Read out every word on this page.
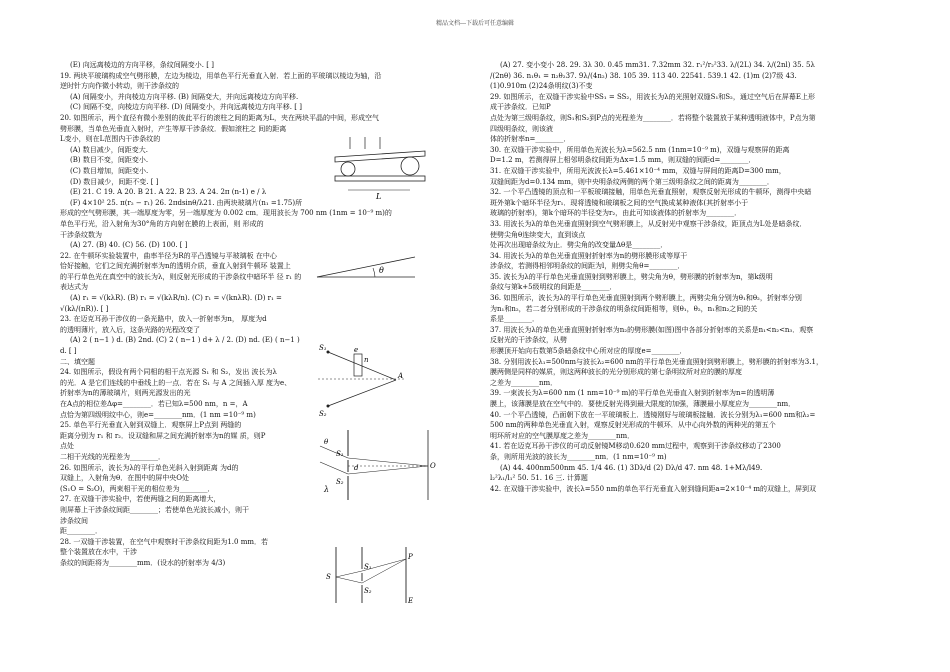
精品文档---下载后可任意编辑

(E) 向远离棱边的方向平移，条纹间隔变小. [ ]

19. 两块平玻璃构成空气劈形膜，左边为棱边，用单色平行光垂直入射．若上面的平玻璃以棱边为轴，沿

逆时针方向作微小转动，则干涉条纹的

(A) 间隔变小，并向棱边方向平移. (B) 间隔变大，并向远离棱边方向平移.

(C) 间隔不变，向棱边方向平移. (D) 间隔变小，并向远离棱边方向平移. [ ]

20. 如图所示，两个直径有微小差别的彼此平行的滚柱之间的距离为L，夹在两块平晶的中间，形成空气

劈形膜，当单色光垂直入射时，产生等厚干涉条纹．假如滚柱之 间的距离

L变小，则在L范围内干涉条纹的

(A) 数目减少，间距变大.

(B) 数目不变，间距变小.

(C) 数目增加，间距变小.

(D) 数目减少，间距不变. [ ]

(E) 21. C 19. A 20. B 21. A 22. B 23. A 24. 2π (n-1) e / λ

(F) 4×10² 25. π(r₂ − r₁) 26. 2πdsinθ/λ21. 由两块玻璃片(n₁ =1.75)所

形成的空气劈形膜，其一端厚度为零，另一端厚度为 0.002 cm．现用波长为 700 nm (1nm = 10⁻⁹ m)的

单色平行光，沿入射角为30°角的方向射在膜的上表面，则 形成的

干涉条纹数为

(A) 27. (B) 40. (C) 56. (D) 100. [ ]

22. 在牛顿环实验装置中，曲率半径为R的平凸透镜与平玻璃板 在中心

恰好接触，它们之间充满折射率为n的透明介质，垂直入射到牛顿环 装置上

的平行单色光在真空中的波长为λ，则反射光形成的干涉条纹中暗环半 径 r₁ 的

表达式为

(A) r₁ = √(kλR). (B) r₁ = √(kλR/n). (C) r₁ = √(knλR). (D) r₁ =

√(kλ/(nR)). [ ]

23. 在迈克耳孙干涉仪的一条光路中，放入一折射率为n， 厚度为d

的透明薄片，放入后，这条光路的光程改变了

(A) 2 ( n−1 ) d. (B) 2nd. (C) 2 ( n−1 ) d+ λ / 2. (D) nd. (E) ( n−1 )

d. [ ]

二、填空题

24. 如图所示，假设有两个同相的相干点光源 S₁ 和 S₂，发出 波长为λ

的光．A 是它们连线的中垂线上的一点．若在 S₁ 与 A 之间插入厚 度为e、

折射率为n的薄玻璃片，则两光源发出的光

在A点的相位差Δφ=________．若已知λ=500 nm，n =，A

点恰为第四级明纹中心，则e=________nm．(1 nm =10⁻⁹ m)

25. 单色平行光垂直入射到双缝上．观察屏上P点到 两缝的

距离分别为 r₁ 和 r₂．设双缝和屏之间充满折射率为n的媒 质，则P

点处

二相干光线的光程差为________．

26. 如图所示，波长为λ的平行单色光斜入射到距离 为d的

双缝上，入射角为θ．在图中的屏中央O处

(S₁O = S₂O)，两束相干光的相位差为________．

27. 在双缝干涉实验中，若使两缝之间的距离增大，

则屏幕上干涉条纹间距________；若使单色光波长减小，则干

涉条纹间

距________．

28. 一双缝干涉装置，在空气中观察时干涉条纹间距为1.0 mm．若

整个装置放在水中，干涉

条纹的间距将为________mm．(设水的折射率为 4/3)

(A) 27. 变小变小 28. 29. 3λ 30. 0.45 mm31. 7.32mm 32. r₁²/r₂²33. λ/(2L) 34. λ/(2nl) 35. 5λ

/(2nθ) 36. n₁θ₁ = n₂θ₂37. 9λ/(4n₂) 38. 105 39. 113 40. 22541. 539.1 42. (1)m (2)7级 43.

(1)0.910m (2)24条明纹(3)不变

29. 如图所示，在双缝干涉实验中SS₁ = SS₂，用波长为λ的光照射双缝S₁和S₂，通过空气后在屏幕E上形

成干涉条纹．已知P

点处为第三级明条纹，则S₁和S₂到P点的光程差为________．若将整个装置放于某种透明液体中，P点为第

四级明条纹，则该液

体的折射率n=________．

30. 在双缝干涉实验中，所用单色光波长为λ=562.5 nm (1nm=10⁻⁹ m)，双缝与观察屏的距离

D=1.2 m，若测得屏上相邻明条纹间距为Δx=1.5 mm，则双缝的间距d=________．

31. 在双缝干涉实验中，所用光波波长λ=5.461×10⁻⁴ mm，双缝与屏间的距离D=300 mm，

双缝间距为d=0.134 mm，则中央明条纹两侧的两个第三级明条纹之间的距离为________．

32. 一个平凸透镜的顶点和一平板玻璃接触，用单色光垂直照射，观察反射光形成的牛顿环，测得中央暗

斑外第k个暗环半径为r₁．现将透镜和玻璃板之间的空气换成某种液体(其折射率小于

玻璃的折射率)，第k个暗环的半径变为r₂，由此可知该液体的折射率为________．

33. 用波长为λ的单色光垂直照射到空气劈形膜上，从反射光中观察干涉条纹，距顶点为L处是暗条纹．

使劈尖角θ连续变大，直到该点

处再次出现暗条纹为止．劈尖角的改变量Δθ是________．

34. 用波长为λ的单色光垂直照射折射率为n的劈形膜形成等厚干

涉条纹，若测得相邻明条纹的间距为l，则劈尖角θ=________．

35. 波长为λ的平行单色光垂直照射到劈形膜上，劈尖角为θ，劈形膜的折射率为n，第k级明

条纹与第k+5级明纹的间距是________．

36. 如图所示，波长为λ的平行单色光垂直照射到两个劈形膜上，两劈尖角分别为θ₁和θ₂，折射率分别

为n₁和n₂，若二者分别形成的干涉条纹的明条纹间距相等，则θ₁，θ₂，n₁和n₂之间的关

系是________．

37. 用波长为λ的单色光垂直照射折射率为n₂的劈形膜(如图)图中各部分折射率的关系是n₁<n₂<n₃．观察

反射光的干涉条纹，从劈

形膜顶开始向右数第5条暗条纹中心所对应的厚度e=________．

38. 分别用波长λ₁=500nm与波长λ₂=600 nm的平行单色光垂直照射到劈形膜上，劈形膜的折射率为3.1，

膜两侧是同样的媒质，则这两种波长的光分别形成的第七条明纹所对应的膜的厚度

之差为________nm．

39. 一束波长为λ=600 nm (1 nm=10⁻⁹ m)的平行单色光垂直入射到折射率为n=的透明薄

膜上，该薄膜是放在空气中的．要使反射光得到最大限度的加强，薄膜最小厚度应为________nm．

40. 一个平凸透镜，凸面朝下放在一平玻璃板上．透镜刚好与玻璃板接触．波长分别为λ₁=600 nm和λ₂=

500 nm的两种单色光垂直入射，观察反射光形成的牛顿环．从中心向外数的两种光的第五个

明环所对应的空气膜厚度之差为________nm．

41. 若在迈克耳孙干涉仪的可动反射镜M移动0.620 mm过程中，观察到干涉条纹移动了2300

条，则所用光波的波长为________nm．(1 nm=10⁻⁹ m)

(A) 44. 400nm500nm 45. 1/4 46. (1) 3Dλ/d (2) Dλ/d 47. nm 48. 1+Mλ/l49.

l₂²λ₁/l₁² 50. 51. 16 三. 计算题

42. 在双缝干涉实验中，波长λ=550 nm的单色平行光垂直入射到缝间距a=2×10⁻⁴ m的双缝上，屏到双

L
θ
S₁
S₂
A
n
e
S₁
S₂
O
θ
λ
d
S
S₁
S₂
P
E
